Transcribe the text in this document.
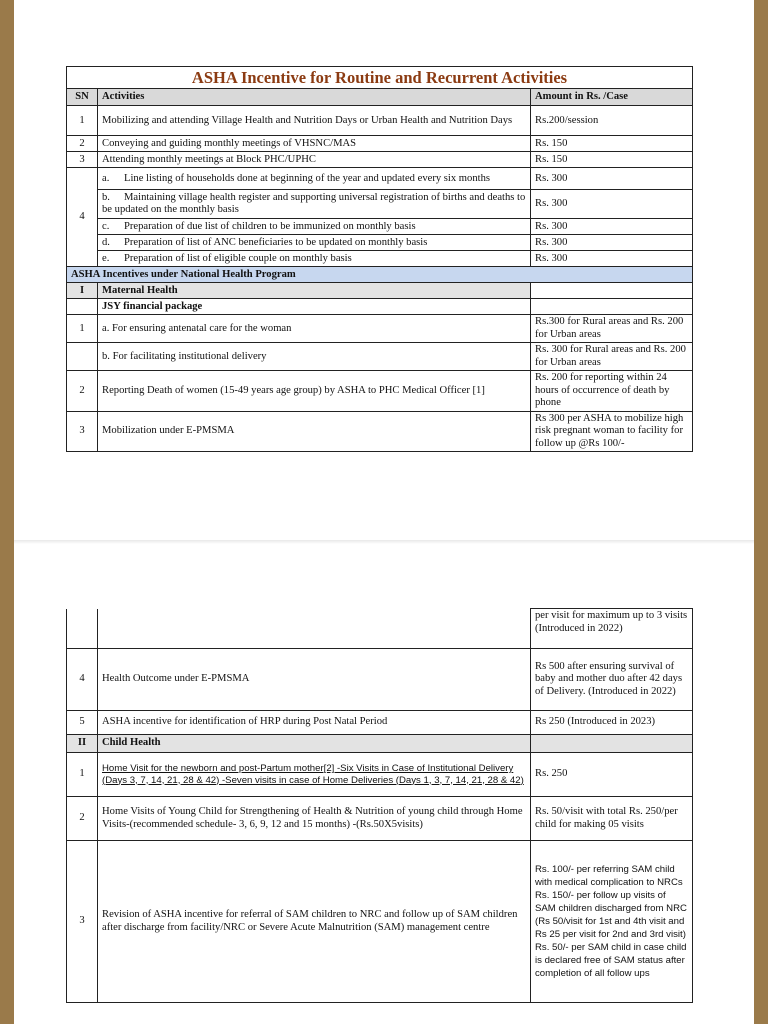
ASHA Incentive for Routine and Recurrent Activities		
SN	Activities	Amount in Rs. /Case
1	Mobilizing and attending Village Health and Nutrition Days or Urban Health and Nutrition Days	Rs.200/session
2	Conveying and guiding monthly meetings of VHSNC/MAS	Rs. 150
3	Attending monthly meetings at Block PHC/UPHC	Rs. 150
4	a. Line listing of households done at beginning of the year and updated every six months	Rs. 300
	b. Maintaining village health register and supporting universal registration of births and deaths to be updated on the monthly basis	Rs. 300
	c. Preparation of due list of children to be immunized on monthly basis	Rs. 300
	d. Preparation of list of ANC beneficiaries to be updated on monthly basis	Rs. 300
	e. Preparation of list of eligible couple on monthly basis	Rs. 300
ASHA Incentives under National Health Program		
I	Maternal Health	
	JSY financial package	
1	a. For ensuring antenatal care for the woman	Rs.300 for Rural areas and Rs. 200 for Urban areas
	b. For facilitating institutional delivery	Rs. 300 for Rural areas and Rs. 200 for Urban areas
2	Reporting Death of women (15-49 years age group) by ASHA to PHC Medical Officer [1]	Rs. 200 for reporting within 24 hours of occurrence of death by phone
3	Mobilization under E-PMSMA	Rs 300 per ASHA to mobilize high risk pregnant woman to facility for follow up @Rs 100/-
		per visit for maximum up to 3 visits (Introduced in 2022)
4	Health Outcome under E-PMSMA	Rs 500 after ensuring survival of baby and mother duo after 42 days of Delivery. (Introduced in 2022)
5	ASHA incentive for identification of HRP during Post Natal Period	Rs 250 (Introduced in 2023)
II	Child Health	
1	Home Visit for the newborn and post-Partum mother[2] -Six Visits in Case of Institutional Delivery (Days 3, 7, 14, 21, 28 & 42) -Seven visits in case of Home Deliveries (Days 1, 3, 7, 14, 21, 28 & 42)	Rs. 250
2	Home Visits of Young Child for Strengthening of Health & Nutrition of young child through Home Visits-(recommended schedule- 3, 6, 9, 12 and 15 months) -(Rs.50X5visits)	Rs. 50/visit with total Rs. 250/per child for making 05 visits
3	Revision of ASHA incentive for referral of SAM children to NRC and follow up of SAM children after discharge from facility/NRC or Severe Acute Malnutrition (SAM) management centre	Rs. 100/- per referring SAM child with medical complication to NRCs
Rs. 150/- per follow up visits of SAM children discharged from NRC (Rs 50/visit for 1st and 4th visit and Rs 25 per visit for 2nd and 3rd visit)
Rs. 50/- per SAM child in case child is declared free of SAM status after completion of all follow ups
